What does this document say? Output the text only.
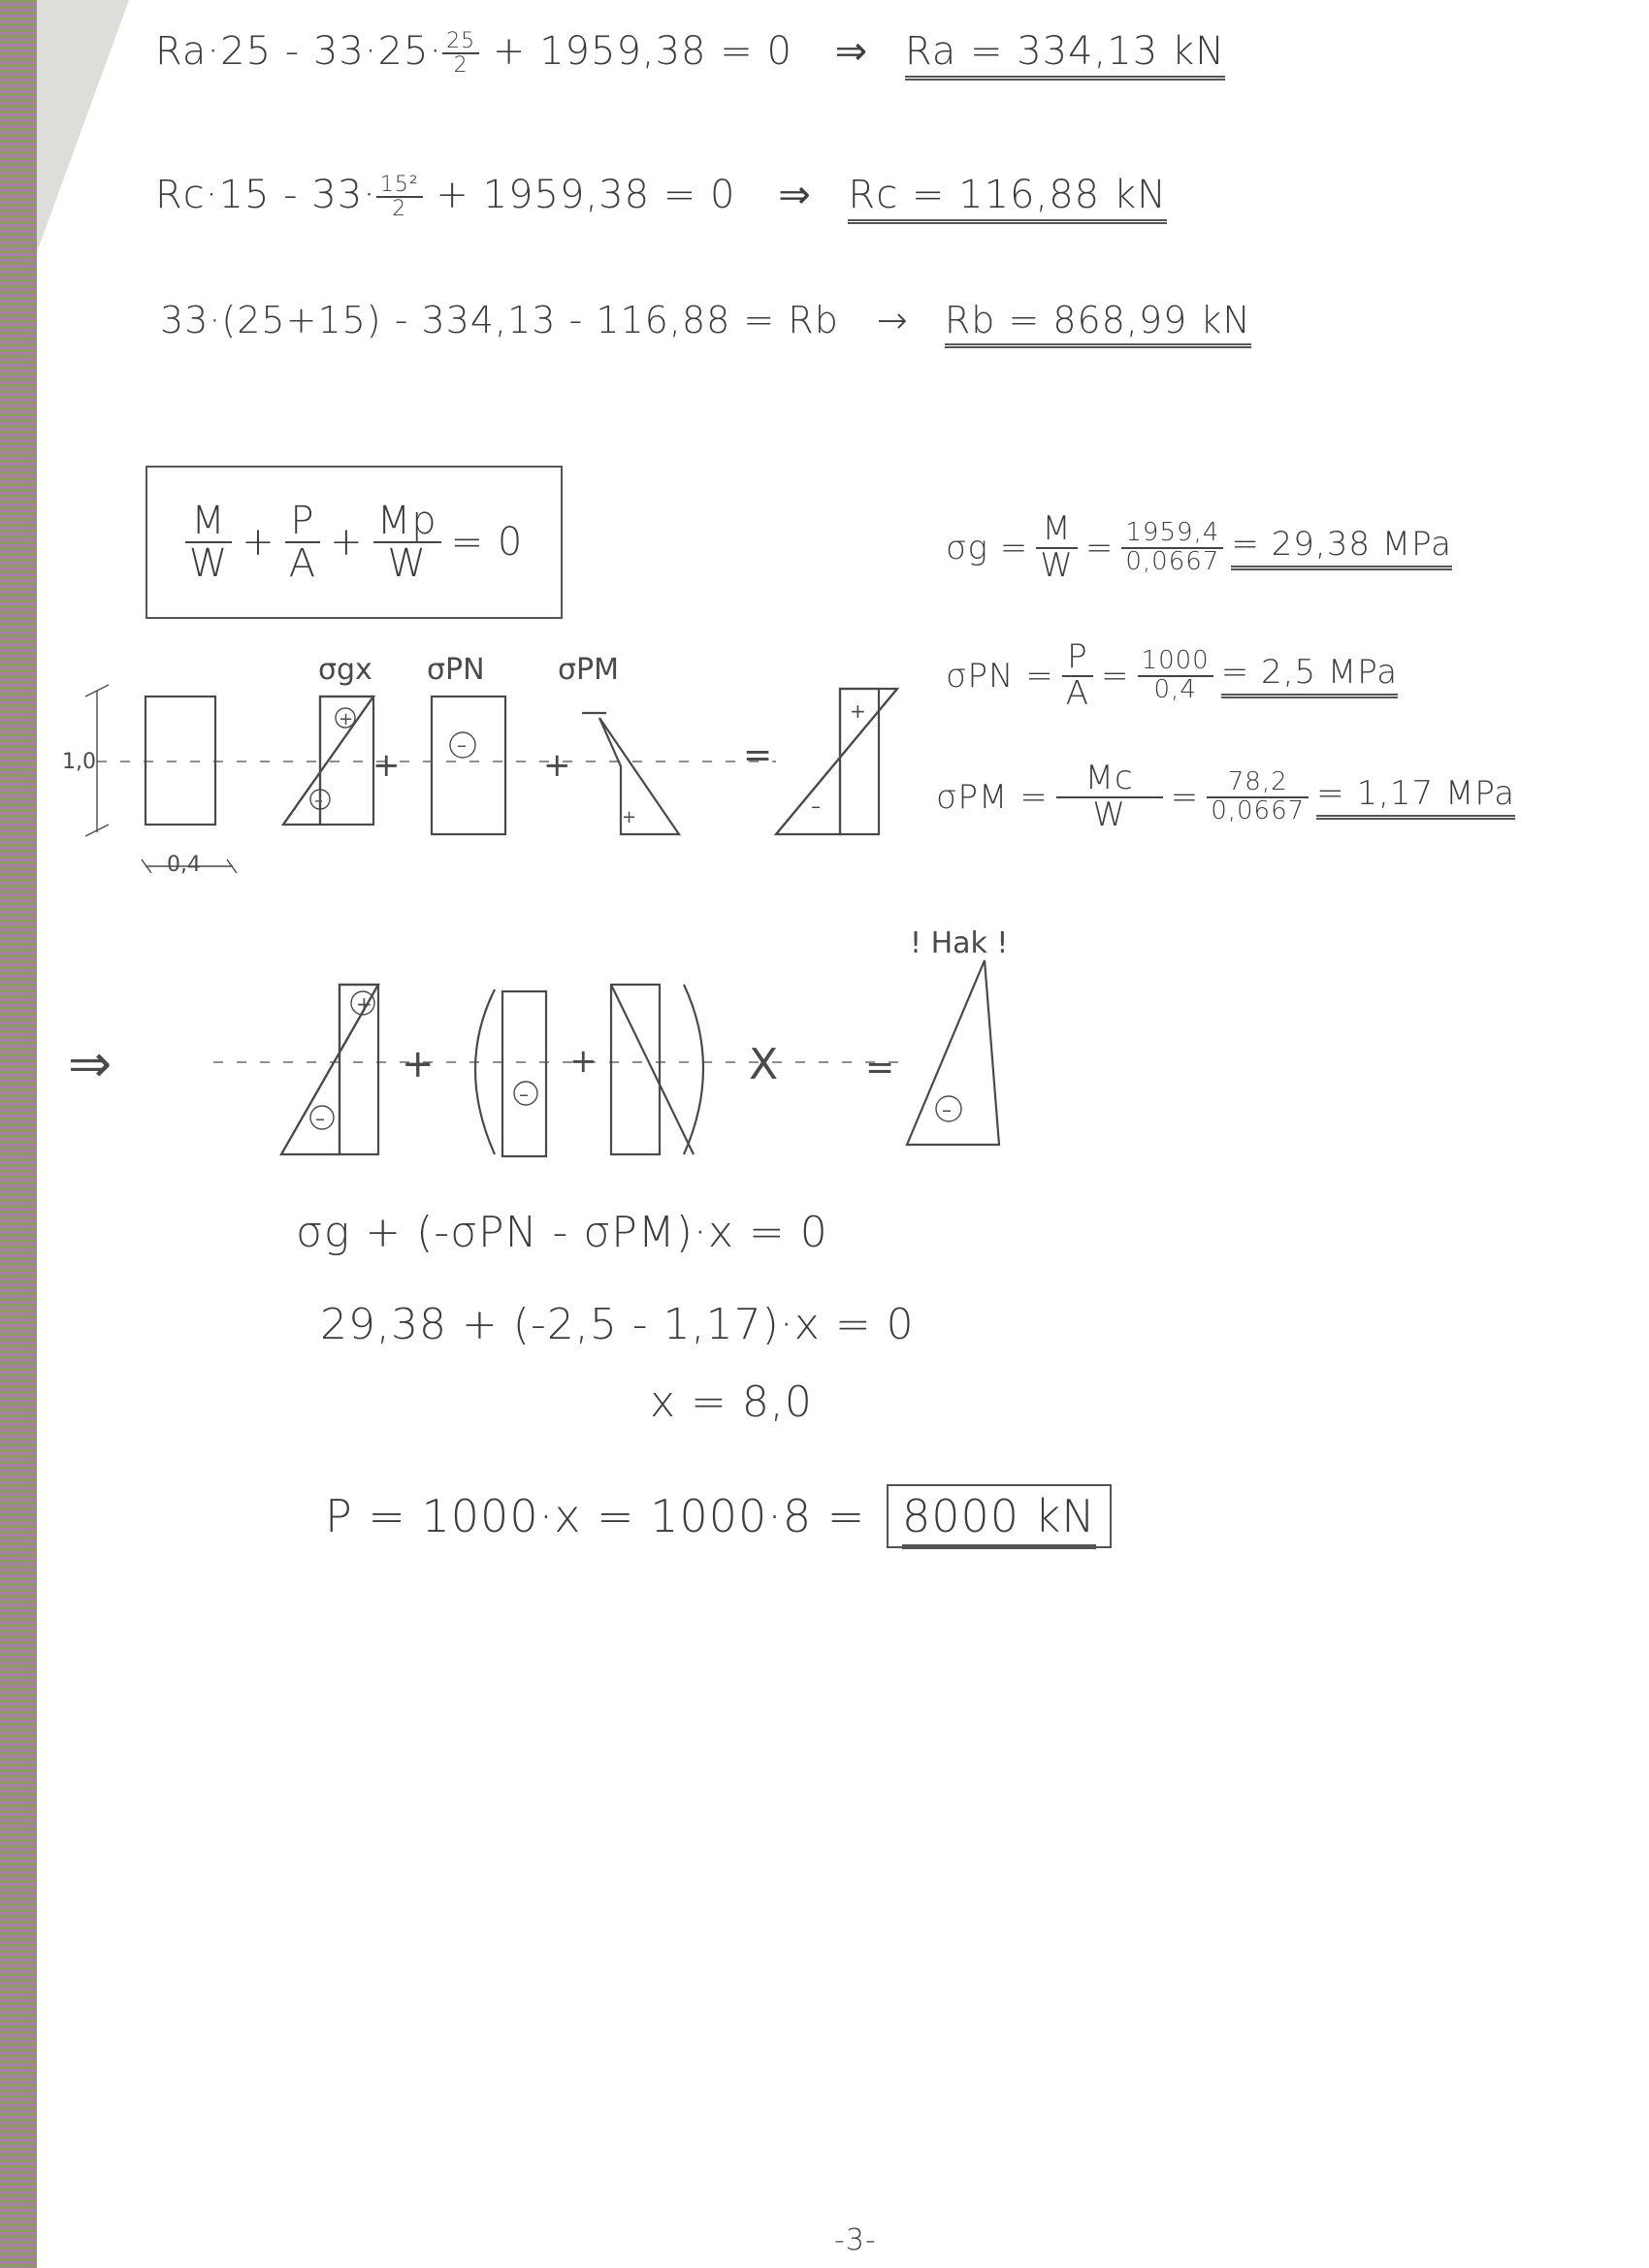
$Ra\cdot 25 - 33\cdot 25\cdot \frac{25}{2} + 1959,38 = 0$ ⇒ Ra = 334,13 kN
$Rc\cdot 15 - 33\cdot \frac{\text{15²}}{2} + 1959,38 = 0$ ⇒ Rc = 116,88 kN
33·(25+15) - 334,13 - 116,88 = Rb → Rb = 868,99 kN
$\frac{M}{W} + \frac{P}{A} + \frac{Mp}{W} = 0$	$\sigma g = \frac{M}{W} = \frac{1959,4}{0,0667} = 29,38$ MPa
$\sigma PN = \frac{P}{A} = \frac{1000}{0,4} = 2,5$ MPa
$\sigma PM = \frac{Mc}{W} = \frac{78,2}{0,0667} = 1,17$ MPa
1,0
0,4
+
–
σgx
+
–
σPN
+
+
σPM
=
+
–
⇒
+
–
+
–
+	X =
–
! Hak !
σg + (-σPN - σPM)·x = 0
29,38 + (-2,5 - 1,17)·x = 0
x = 8,0
P = 1000·x = 1000·8 = 8000 kN
-3-
